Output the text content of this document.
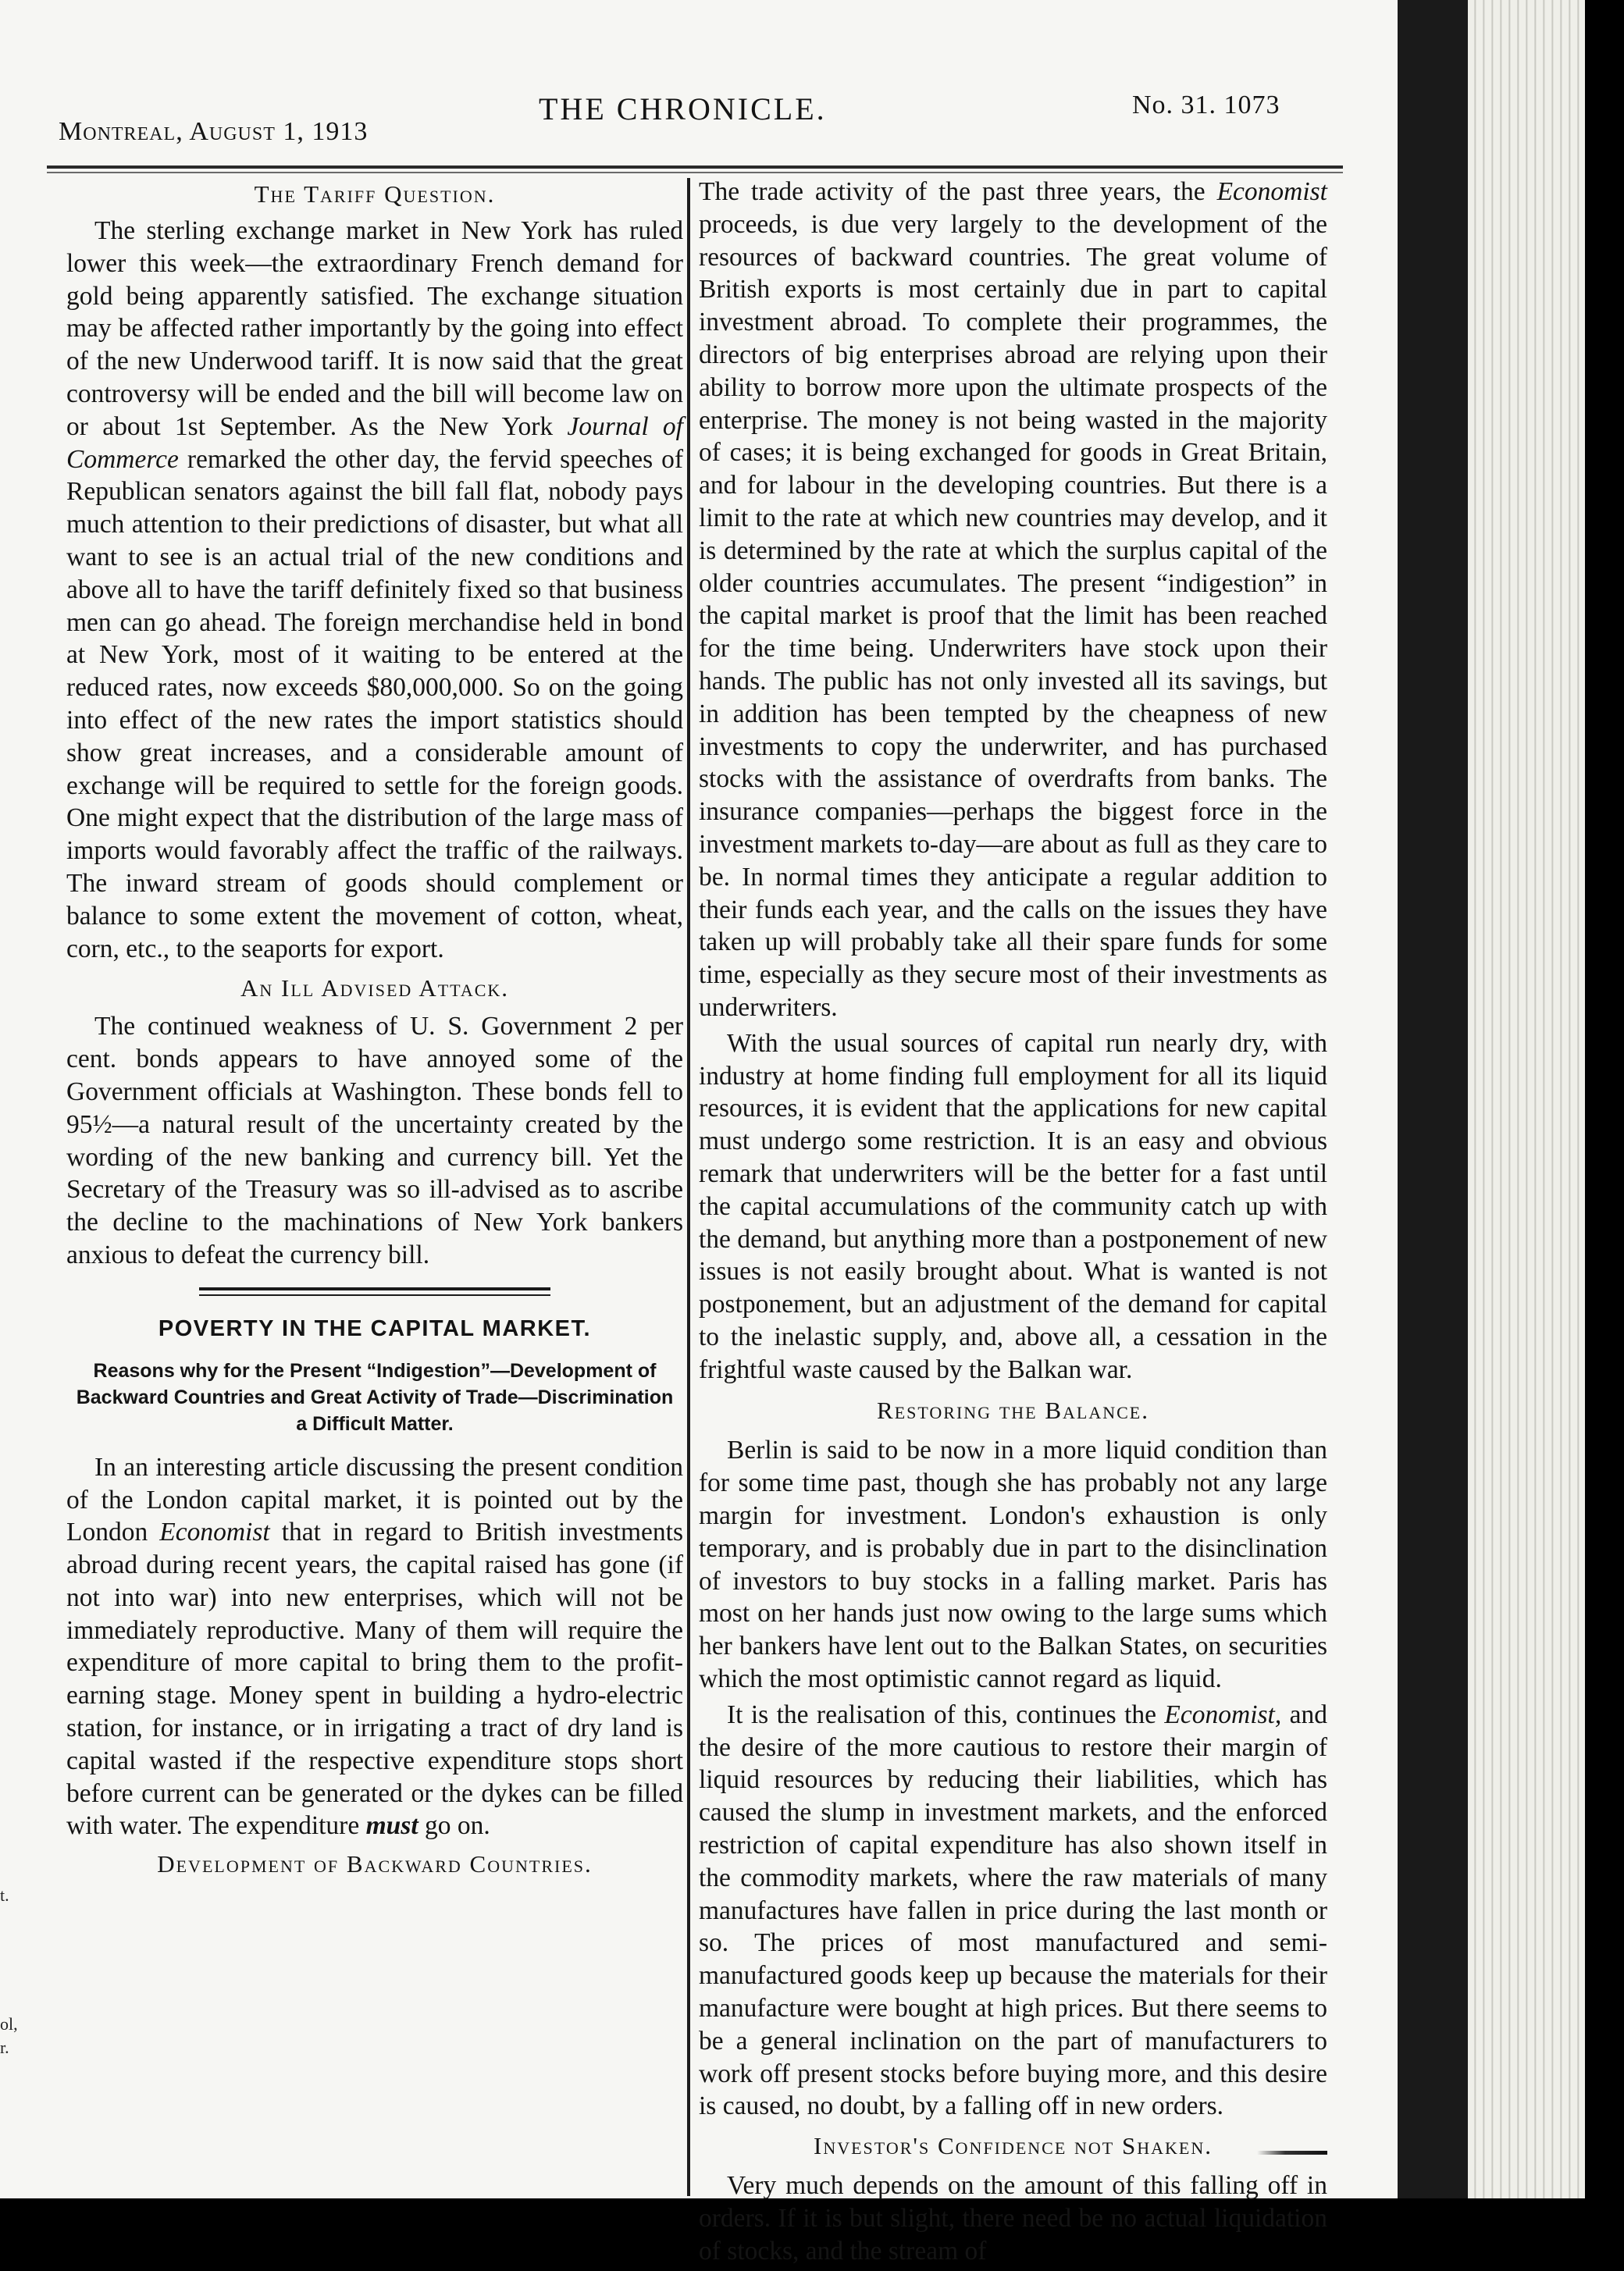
Montreal, August 1, 1913
THE CHRONICLE.	No. 31. 1073
The Tariff Question.

The sterling exchange market in New York has ruled lower this week—the extraordinary French demand for gold being apparently satisfied. The exchange situation may be affected rather importantly by the going into effect of the new Underwood tariff. It is now said that the great controversy will be ended and the bill will become law on or about 1st September. As the New York Journal of Commerce remarked the other day, the fervid speeches of Republican senators against the bill fall flat, nobody pays much attention to their predictions of disaster, but what all want to see is an actual trial of the new conditions and above all to have the tariff definitely fixed so that business men can go ahead. The foreign merchandise held in bond at New York, most of it waiting to be entered at the reduced rates, now exceeds $80,000,000. So on the going into effect of the new rates the import statistics should show great increases, and a considerable amount of exchange will be required to settle for the foreign goods. One might expect that the distribution of the large mass of imports would favorably affect the traffic of the railways. The inward stream of goods should complement or balance to some extent the movement of cotton, wheat, corn, etc., to the seaports for export.

An Ill Advised Attack.

The continued weakness of U. S. Government 2 per cent. bonds appears to have annoyed some of the Government officials at Washington. These bonds fell to 95½—a natural result of the uncertainty created by the wording of the new banking and currency bill. Yet the Secretary of the Treasury was so ill-advised as to ascribe the decline to the machinations of New York bankers anxious to defeat the currency bill.

POVERTY IN THE CAPITAL MARKET.
Reasons why for the Present “Indigestion”—Development of Backward Countries and Great Activity of Trade—Discrimination a Difficult Matter.

In an interesting article discussing the present condition of the London capital market, it is pointed out by the London Economist that in regard to British investments abroad during recent years, the capital raised has gone (if not into war) into new enterprises, which will not be immediately reproductive. Many of them will require the expenditure of more capital to bring them to the profit-earning stage. Money spent in building a hydro-electric station, for instance, or in irrigating a tract of dry land is capital wasted if the respective expenditure stops short before current can be generated or the dykes can be filled with water. The expenditure must go on.

Development of Backward Countries.

The trade activity of the past three years, the Economist proceeds, is due very largely to the development of the resources of backward countries. The great volume of British exports is most certainly due in part to capital investment abroad. To complete their programmes, the directors of big enterprises abroad are relying upon their ability to borrow more upon the ultimate prospects of the enterprise. The money is not being wasted in the majority of cases; it is being exchanged for goods in Great Britain, and for labour in the developing countries. But there is a limit to the rate at which new countries may develop, and it is determined by the rate at which the surplus capital of the older countries accumulates. The present “indigestion” in the capital market is proof that the limit has been reached for the time being. Underwriters have stock upon their hands. The public has not only invested all its savings, but in addition has been tempted by the cheapness of new investments to copy the underwriter, and has purchased stocks with the assistance of overdrafts from banks. The insurance companies—perhaps the biggest force in the investment markets to-day—are about as full as they care to be. In normal times they anticipate a regular addition to their funds each year, and the calls on the issues they have taken up will probably take all their spare funds for some time, especially as they secure most of their investments as underwriters.

With the usual sources of capital run nearly dry, with industry at home finding full employment for all its liquid resources, it is evident that the applications for new capital must undergo some restriction. It is an easy and obvious remark that underwriters will be the better for a fast until the capital accumulations of the community catch up with the demand, but anything more than a postponement of new issues is not easily brought about. What is wanted is not postponement, but an adjustment of the demand for capital to the inelastic supply, and, above all, a cessation in the frightful waste caused by the Balkan war.

Restoring the Balance.

Berlin is said to be now in a more liquid condition than for some time past, though she has probably not any large margin for investment. London's exhaustion is only temporary, and is probably due in part to the disinclination of investors to buy stocks in a falling market. Paris has most on her hands just now owing to the large sums which her bankers have lent out to the Balkan States, on securities which the most optimistic cannot regard as liquid.

It is the realisation of this, continues the Economist, and the desire of the more cautious to restore their margin of liquid resources by reducing their liabilities, which has caused the slump in investment markets, and the enforced restriction of capital expenditure has also shown itself in the commodity markets, where the raw materials of many manufactures have fallen in price during the last month or so. The prices of most manufactured and semi-manufactured goods keep up because the materials for their manufacture were bought at high prices. But there seems to be a general inclination on the part of manufacturers to work off present stocks before buying more, and this desire is caused, no doubt, by a falling off in new orders.

Investor's Confidence not Shaken.

Very much depends on the amount of this falling off in orders. If it is but slight, there need be no actual liquidation of stocks, and the stream of

t.
ol,
r.
